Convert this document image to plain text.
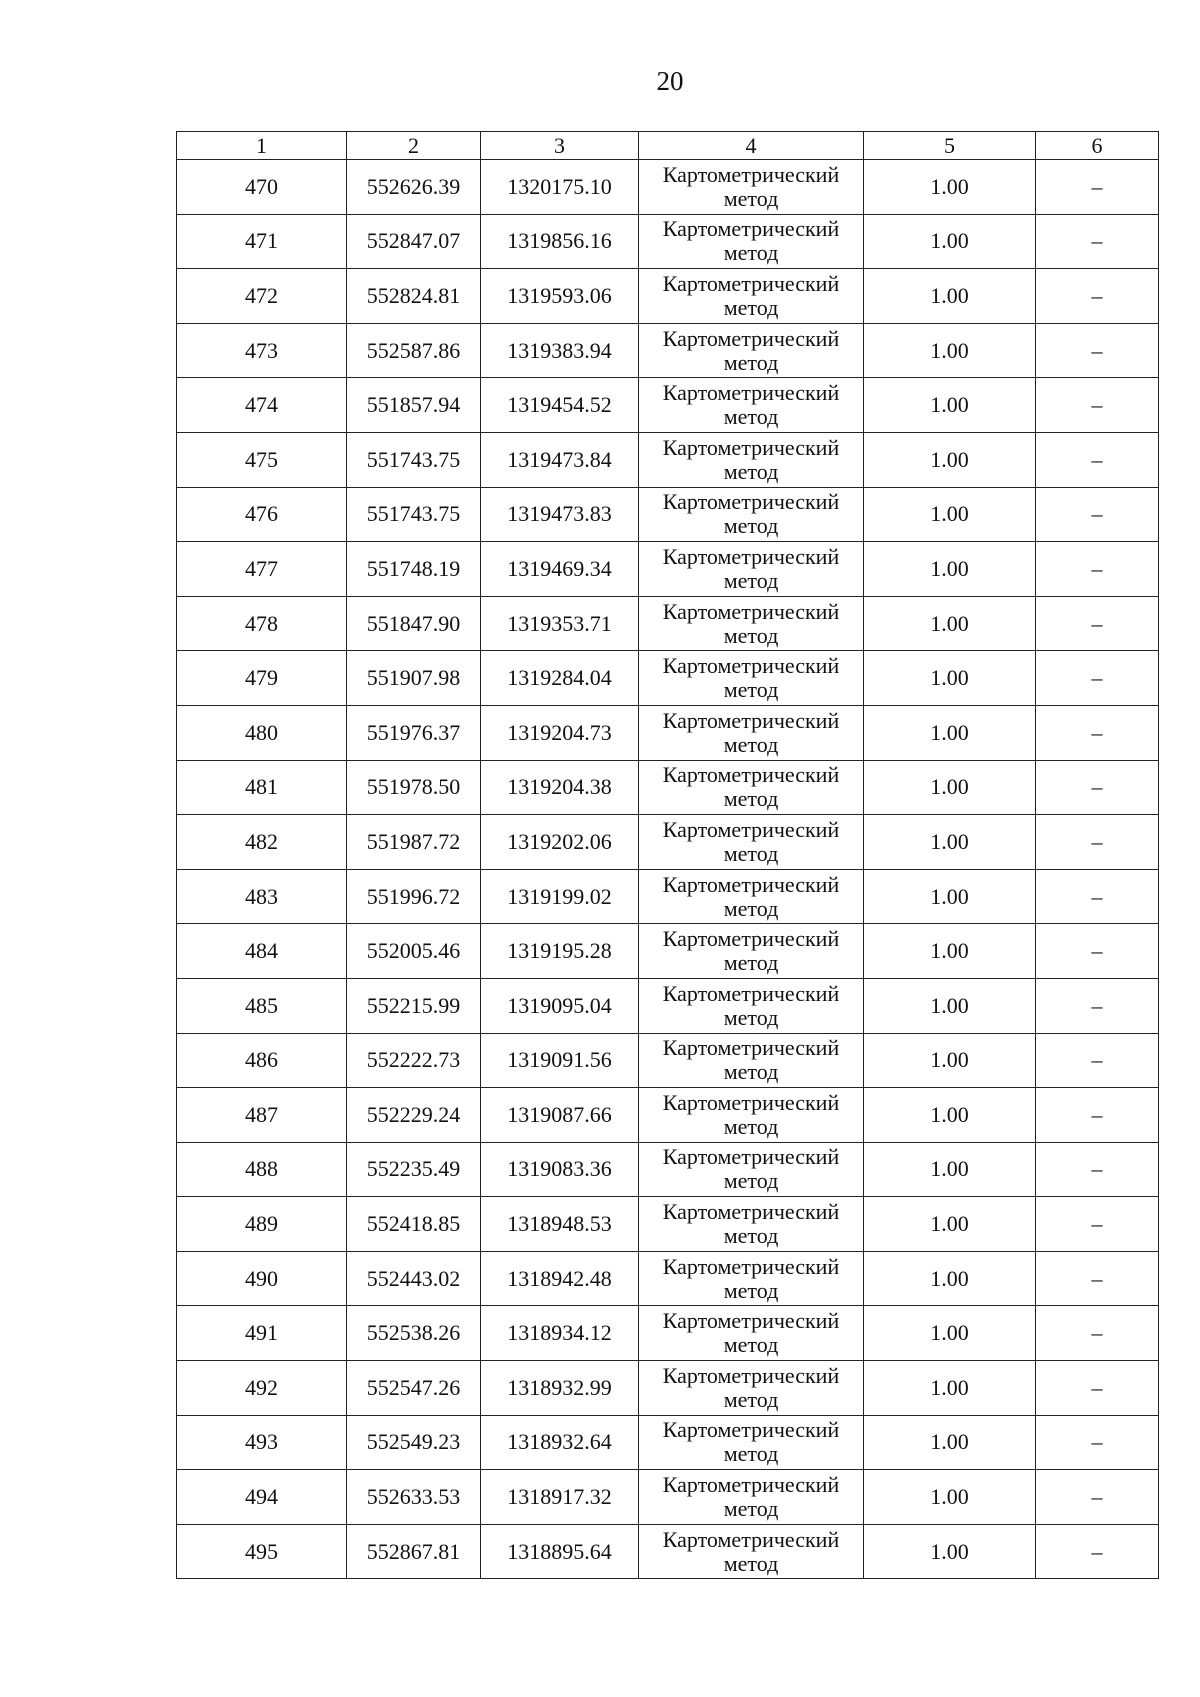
20
1	2	3	4	5	6
470	552626.39	1320175.10	Картометрический метод	1.00	–
471	552847.07	1319856.16	Картометрический метод	1.00	–
472	552824.81	1319593.06	Картометрический метод	1.00	–
473	552587.86	1319383.94	Картометрический метод	1.00	–
474	551857.94	1319454.52	Картометрический метод	1.00	–
475	551743.75	1319473.84	Картометрический метод	1.00	–
476	551743.75	1319473.83	Картометрический метод	1.00	–
477	551748.19	1319469.34	Картометрический метод	1.00	–
478	551847.90	1319353.71	Картометрический метод	1.00	–
479	551907.98	1319284.04	Картометрический метод	1.00	–
480	551976.37	1319204.73	Картометрический метод	1.00	–
481	551978.50	1319204.38	Картометрический метод	1.00	–
482	551987.72	1319202.06	Картометрический метод	1.00	–
483	551996.72	1319199.02	Картометрический метод	1.00	–
484	552005.46	1319195.28	Картометрический метод	1.00	–
485	552215.99	1319095.04	Картометрический метод	1.00	–
486	552222.73	1319091.56	Картометрический метод	1.00	–
487	552229.24	1319087.66	Картометрический метод	1.00	–
488	552235.49	1319083.36	Картометрический метод	1.00	–
489	552418.85	1318948.53	Картометрический метод	1.00	–
490	552443.02	1318942.48	Картометрический метод	1.00	–
491	552538.26	1318934.12	Картометрический метод	1.00	–
492	552547.26	1318932.99	Картометрический метод	1.00	–
493	552549.23	1318932.64	Картометрический метод	1.00	–
494	552633.53	1318917.32	Картометрический метод	1.00	–
495	552867.81	1318895.64	Картометрический метод	1.00	–
